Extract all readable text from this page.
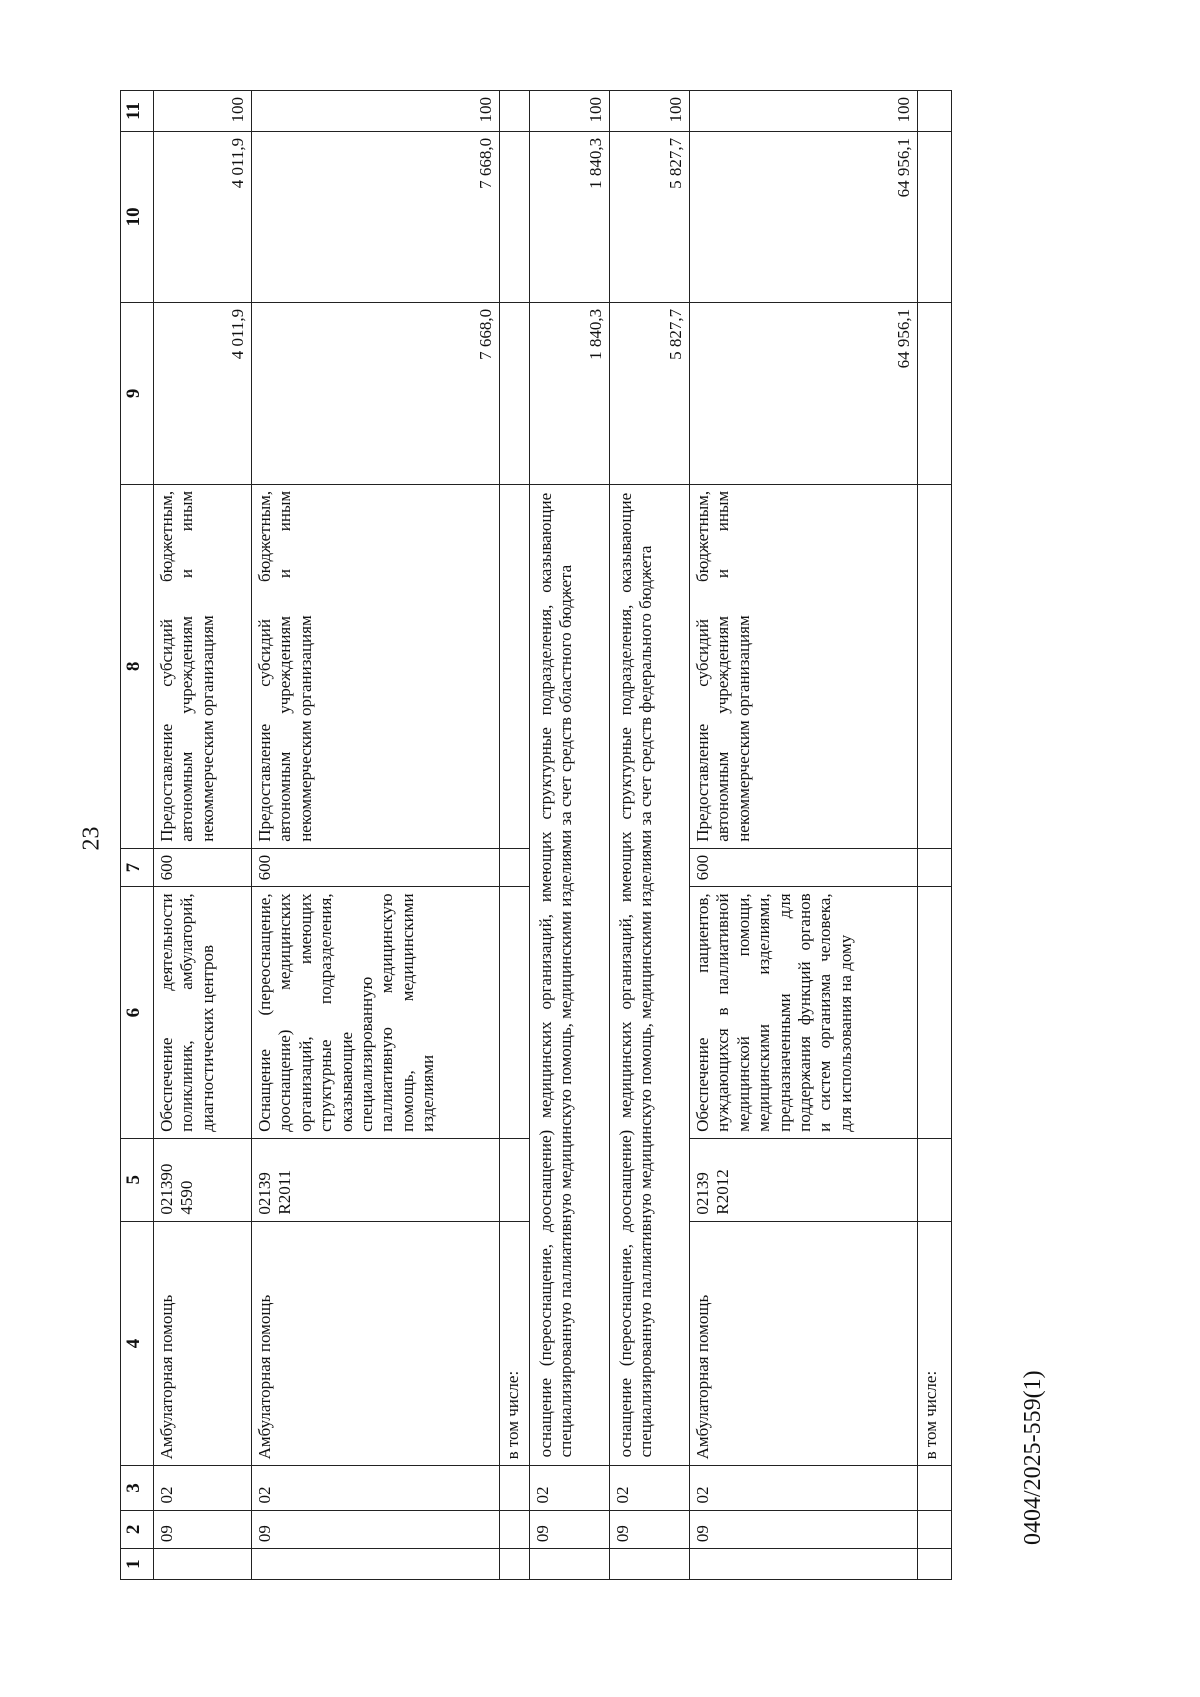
23
0404/2025-559(1)
1	2	3	4	5	6	7	8	9	10	11
	09	02	Амбулаторная помощь	021390 4590	Обеспечение деятельности поликлиник, амбулаторий, диагностических центров	600	Предоставление субсидий бюджетным, автономным учреждениям и иным некоммерческим организациям	4 011,9	4 011,9	100
	09	02	Амбулаторная помощь	02139 R2011	Оснащение (переоснащение, дооснащение) медицинских организаций, имеющих структурные подразделения, оказывающие специализированную паллиативную медицинскую помощь, медицинскими изделиями	600	Предоставление субсидий бюджетным, автономным учреждениям и иным некоммерческим организациям	7 668,0	7 668,0	100
			в том числе:							
	09	02	оснащение (переоснащение, дооснащение) медицинских организаций, имеющих структурные подразделения, оказывающие специализированную паллиативную медицинскую помощь, медицинскими изделиями за счет средств областного бюджета					1 840,3	1 840,3	100
	09	02	оснащение (переоснащение, дооснащение) медицинских организаций, имеющих структурные подразделения, оказывающие специализированную паллиативную медицинскую помощь, медицинскими изделиями за счет средств федерального бюджета					5 827,7	5 827,7	100
	09	02	Амбулаторная помощь	02139 R2012	Обеспечение пациентов, нуждающихся в паллиативной медицинской помощи, медицинскими изделиями, предназначенными для поддержания функций органов и систем организма человека, для использования на дому	600	Предоставление субсидий бюджетным, автономным учреждениям и иным некоммерческим организациям	64 956,1	64 956,1	100
			в том числе:							
